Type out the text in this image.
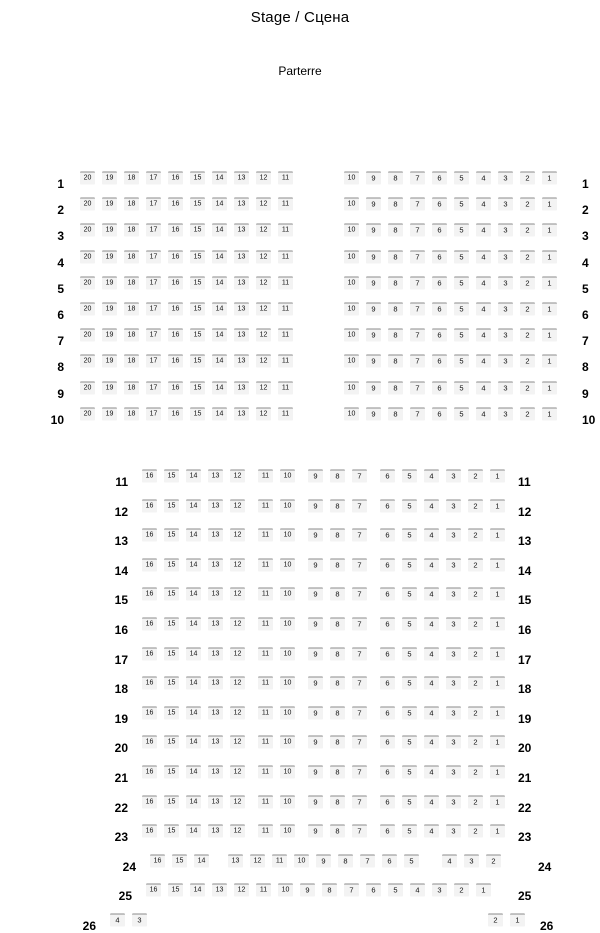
Stage / Сцена
Parterre
1	1
20	19	18	17	16	15	14	13	12	11	10	9	8	7	6	5	4	3	2	1
2	2
20	19	18	17	16	15	14	13	12	11	10	9	8	7	6	5	4	3	2	1
3	3
20	19	18	17	16	15	14	13	12	11	10	9	8	7	6	5	4	3	2	1
4	4
20	19	18	17	16	15	14	13	12	11	10	9	8	7	6	5	4	3	2	1
5	5
20	19	18	17	16	15	14	13	12	11	10	9	8	7	6	5	4	3	2	1
6	6
20	19	18	17	16	15	14	13	12	11	10	9	8	7	6	5	4	3	2	1
7	7
20	19	18	17	16	15	14	13	12	11	10	9	8	7	6	5	4	3	2	1
8	8
20	19	18	17	16	15	14	13	12	11	10	9	8	7	6	5	4	3	2	1
9	9
20	19	18	17	16	15	14	13	12	11	10	9	8	7	6	5	4	3	2	1
10	10
20	19	18	17	16	15	14	13	12	11	10	9	8	7	6	5	4	3	2	1
11	11
16	15	14	13	12	11	10	9	8	7	6	5	4	3	2	1
12	12
16	15	14	13	12	11	10	9	8	7	6	5	4	3	2	1
13	13
16	15	14	13	12	11	10	9	8	7	6	5	4	3	2	1
14	14
16	15	14	13	12	11	10	9	8	7	6	5	4	3	2	1
15	15
16	15	14	13	12	11	10	9	8	7	6	5	4	3	2	1
16	16
16	15	14	13	12	11	10	9	8	7	6	5	4	3	2	1
17	17
16	15	14	13	12	11	10	9	8	7	6	5	4	3	2	1
18	18
16	15	14	13	12	11	10	9	8	7	6	5	4	3	2	1
19	19
16	15	14	13	12	11	10	9	8	7	6	5	4	3	2	1
20	20
16	15	14	13	12	11	10	9	8	7	6	5	4	3	2	1
21	21
16	15	14	13	12	11	10	9	8	7	6	5	4	3	2	1
22	22
16	15	14	13	12	11	10	9	8	7	6	5	4	3	2	1
23	23
16	15	14	13	12	11	10	9	8	7	6	5	4	3	2	1
24	24
16	15	14	13	12	11	10	9	8	7	6	5	4	3	2
25	25
16	15	14	13	12	11	10	9	8	7	6	5	4	3	2	1
26	26
4	3	2	1
